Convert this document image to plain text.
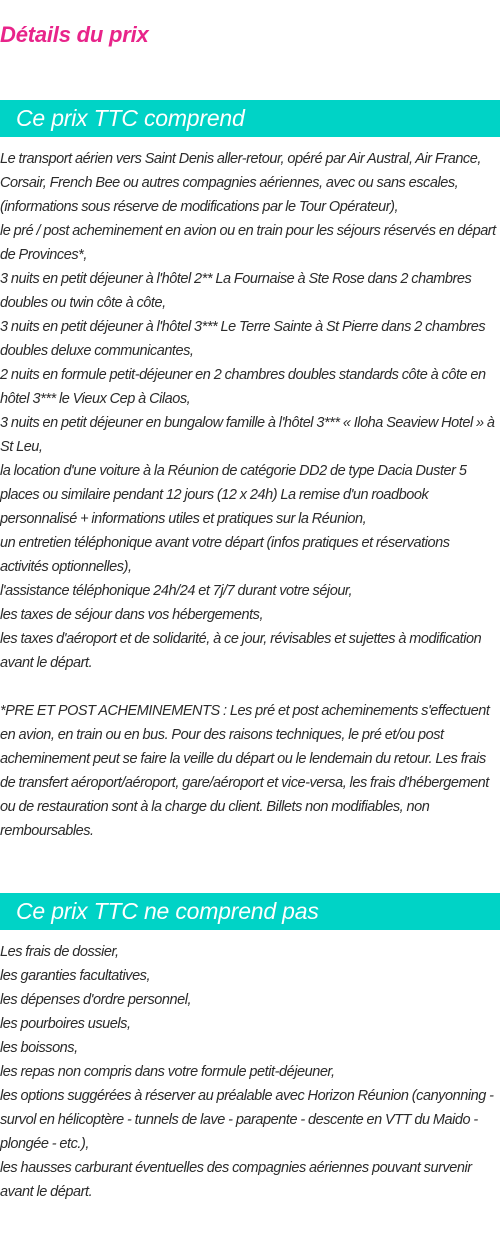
Détails du prix
Ce prix TTC comprend

Le transport aérien vers Saint Denis aller-retour, opéré par Air Austral, Air France, Corsair, French Bee ou autres compagnies aériennes, avec ou sans escales, (informations sous réserve de modifications par le Tour Opérateur),

le pré / post acheminement en avion ou en train pour les séjours réservés en départ de Provinces*,

3 nuits en petit déjeuner à l'hôtel 2** La Fournaise à Ste Rose dans 2 chambres doubles ou twin côte à côte,

3 nuits en petit déjeuner à l'hôtel 3*** Le Terre Sainte à St Pierre dans 2 chambres doubles deluxe communicantes,

2 nuits en formule petit-déjeuner en 2 chambres doubles standards côte à côte en hôtel 3*** le Vieux Cep à Cilaos,

3 nuits en petit déjeuner en bungalow famille à l'hôtel 3*** « Iloha Seaview Hotel » à St Leu,

la location d'une voiture à la Réunion de catégorie DD2 de type Dacia Duster 5 places ou similaire pendant 12 jours (12 x 24h) La remise d'un roadbook personnalisé + informations utiles et pratiques sur la Réunion,

un entretien téléphonique avant votre départ (infos pratiques et réservations activités optionnelles),

l'assistance téléphonique 24h/24 et 7j/7 durant votre séjour,

les taxes de séjour dans vos hébergements,

les taxes d'aéroport et de solidarité, à ce jour, révisables et sujettes à modification avant le départ.

*PRE ET POST ACHEMINEMENTS : Les pré et post acheminements s'effectuent en avion, en train ou en bus. Pour des raisons techniques, le pré et/ou post acheminement peut se faire la veille du départ ou le lendemain du retour. Les frais de transfert aéroport/aéroport, gare/aéroport et vice-versa, les frais d'hébergement ou de restauration sont à la charge du client. Billets non modifiables, non remboursables.

Ce prix TTC ne comprend pas

Les frais de dossier,

les garanties facultatives,

les dépenses d'ordre personnel,

les pourboires usuels,

les boissons,

les repas non compris dans votre formule petit-déjeuner,

les options suggérées à réserver au préalable avec Horizon Réunion (canyonning - survol en hélicoptère - tunnels de lave - parapente - descente en VTT du Maido - plongée - etc.),

les hausses carburant éventuelles des compagnies aériennes pouvant survenir avant le départ.
